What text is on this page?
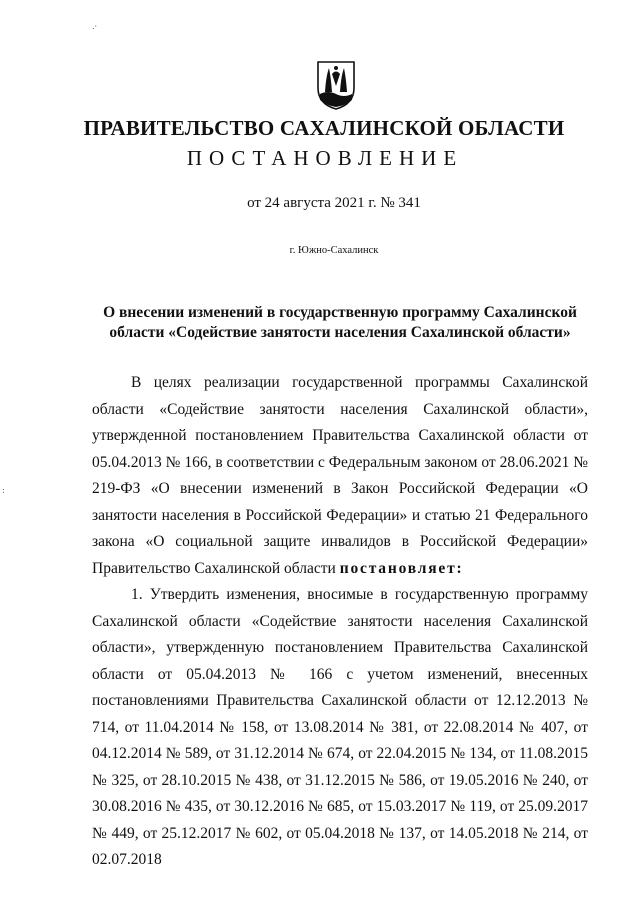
.·
ПРАВИТЕЛЬСТВО САХАЛИНСКОЙ ОБЛАСТИ
ПОСТАНОВЛЕНИЕ
от 24 августа 2021 г. № 341
г. Южно-Сахалинск
О внесении изменений в государственную программу Сахалинской
области «Содействие занятости населения Сахалинской области»

В целях реализации государственной программы Сахалинской области «Содействие занятости населения Сахалинской области», утвержденной постановлением Правительства Сахалинской области от 05.04.2013 № 166, в соответствии с Федеральным законом от 28.06.2021 № 219-ФЗ «О внесении изменений в Закон Российской Федерации «О занятости населения в Российской Федерации» и статью 21 Федерального закона «О социальной защите инвалидов в Российской Федерации» Правительство Сахалинской области постановляет:

1. Утвердить изменения, вносимые в государственную программу Сахалинской области «Содействие занятости населения Сахалинской области», утвержденную постановлением Правительства Сахалинской области от 05.04.2013 № 166 с учетом изменений, внесенных постановлениями Правительства Сахалинской области от 12.12.2013 № 714, от 11.04.2014 № 158, от 13.08.2014 № 381, от 22.08.2014 № 407, от 04.12.2014 № 589, от 31.12.2014 № 674, от 22.04.2015 № 134, от 11.08.2015 № 325, от 28.10.2015 № 438, от 31.12.2015 № 586, от 19.05.2016 № 240, от 30.08.2016 № 435, от 30.12.2016 № 685, от 15.03.2017 № 119, от 25.09.2017 № 449, от 25.12.2017 № 602, от 05.04.2018 № 137, от 14.05.2018 № 214, от 02.07.2018

:
